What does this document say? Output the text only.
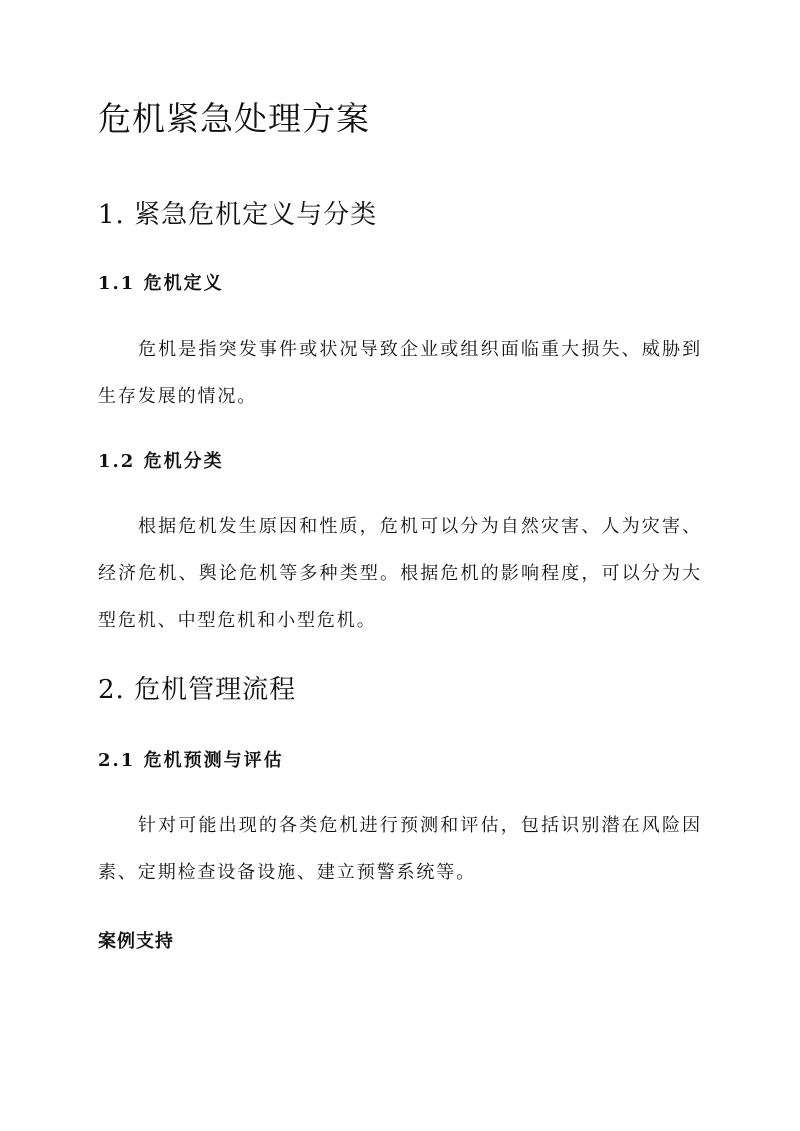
危机紧急处理方案
1. 紧急危机定义与分类
1.1 危机定义

危机是指突发事件或状况导致企业或组织面临重大损失、威胁到生存发展的情况。

1.2 危机分类

根据危机发生原因和性质，危机可以分为自然灾害、人为灾害、经济危机、舆论危机等多种类型。根据危机的影响程度，可以分为大型危机、中型危机和小型危机。

2. 危机管理流程
2.1 危机预测与评估

针对可能出现的各类危机进行预测和评估，包括识别潜在风险因素、定期检查设备设施、建立预警系统等。

案例支持
